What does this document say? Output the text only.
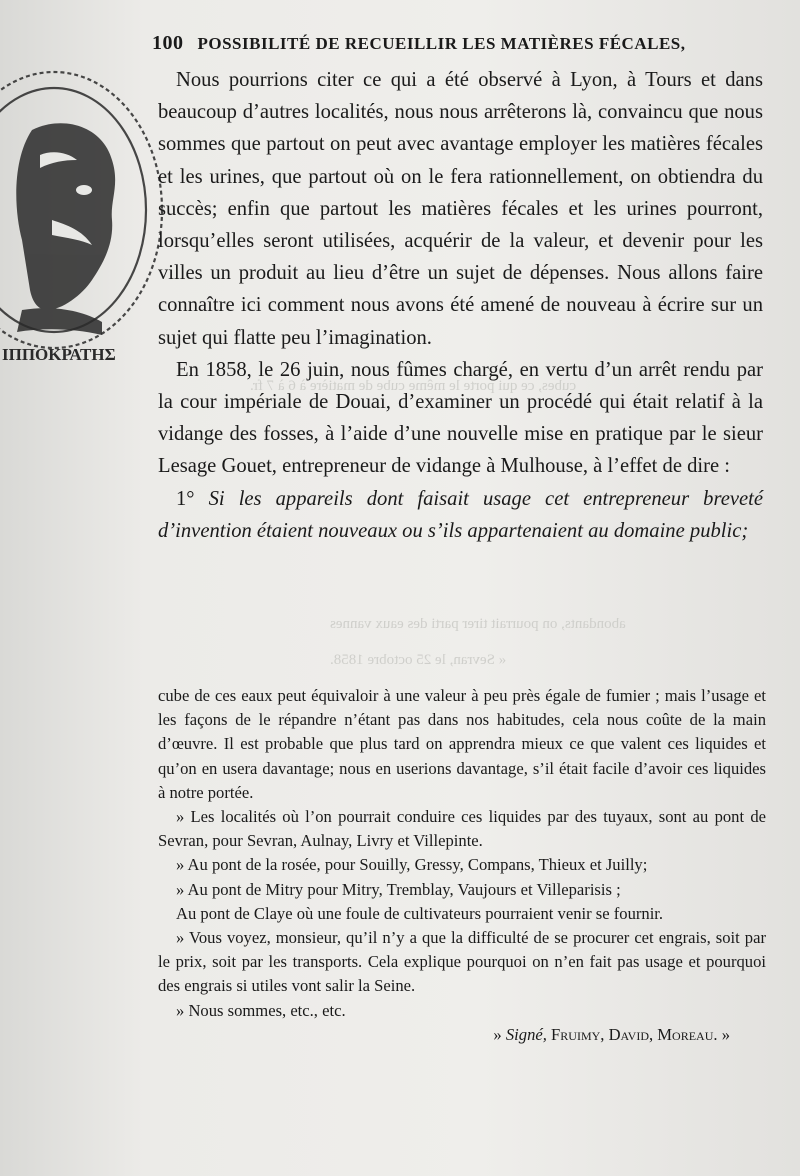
cubes, ce qui porte le même cube de matière à 6 à 7 fr.
abondants, on pourrait tirer parti des eaux vannes
« Sevran, le 25 octobre 1858.
ΙΠΠΟΚΡΑΤΗΣ
100 POSSIBILITÉ DE RECUEILLIR LES MATIÈRES FÉCALES,

Nous pourrions citer ce qui a été observé à Lyon, à Tours et dans beaucoup d’autres localités, nous nous arrêterons là, convaincu que nous sommes que partout on peut avec avantage employer les matières fécales et les urines, que partout où on le fera rationnellement, on obtiendra du succès; enfin que partout les matières fécales et les urines pourront, lorsqu’elles seront utilisées, acquérir de la valeur, et devenir pour les villes un produit au lieu d’être un sujet de dépenses. Nous allons faire connaître ici comment nous avons été amené de nouveau à écrire sur un sujet qui flatte peu l’imagination.

En 1858, le 26 juin, nous fûmes chargé, en vertu d’un arrêt rendu par la cour impériale de Douai, d’examiner un procédé qui était relatif à la vidange des fosses, à l’aide d’une nouvelle mise en pratique par le sieur Lesage Gouet, entrepreneur de vidange à Mulhouse, à l’effet de dire :

1° Si les appareils dont faisait usage cet entrepreneur breveté d’invention étaient nouveaux ou s’ils appartenaient au domaine public;

cube de ces eaux peut équivaloir à une valeur à peu près égale de fumier ; mais l’usage et les façons de le répandre n’étant pas dans nos habitudes, cela nous coûte de la main d’œuvre. Il est probable que plus tard on apprendra mieux ce que valent ces liquides et qu’on en usera davantage; nous en userions davantage, s’il était facile d’avoir ces liquides à notre portée.

» Les localités où l’on pourrait conduire ces liquides par des tuyaux, sont au pont de Sevran, pour Sevran, Aulnay, Livry et Villepinte.

» Au pont de la rosée, pour Souilly, Gressy, Compans, Thieux et Juilly;

» Au pont de Mitry pour Mitry, Tremblay, Vaujours et Villeparisis ;

Au pont de Claye où une foule de cultivateurs pourraient venir se fournir.

» Vous voyez, monsieur, qu’il n’y a que la difficulté de se procurer cet engrais, soit par le prix, soit par les transports. Cela explique pourquoi on n’en fait pas usage et pourquoi des engrais si utiles vont salir la Seine.

» Nous sommes, etc., etc.

» Signé, Fruimy, David, Moreau. »
